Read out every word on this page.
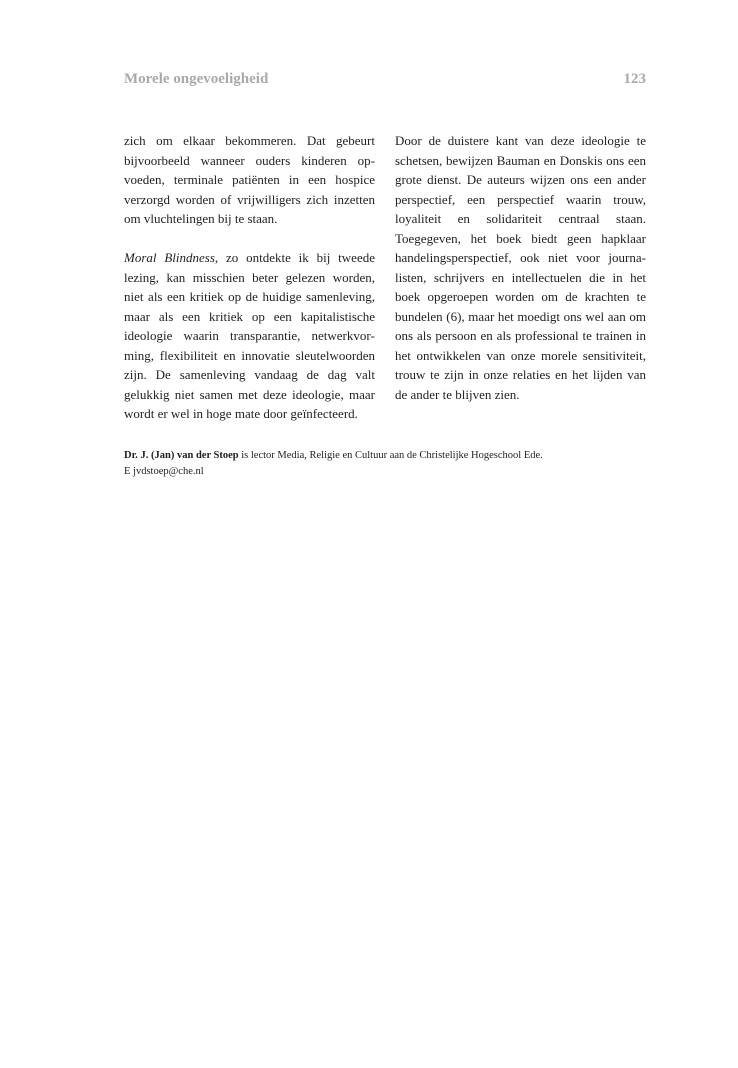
Morele ongevoeligheid	123

zich om elkaar bekommeren. Dat gebeurt bijvoorbeeld wanneer ouders kinderen opvoeden, terminale patiënten in een hospice verzorgd worden of vrijwilligers zich inzetten om vluchtelingen bij te staan.

Moral Blindness, zo ontdekte ik bij tweede lezing, kan misschien beter gelezen worden, niet als een kritiek op de huidige samenleving, maar als een kritiek op een kapitalistische ideologie waarin transparantie, netwerkvorming, flexibiliteit en innovatie sleutelwoorden zijn. De samenleving vandaag de dag valt gelukkig niet samen met deze ideologie, maar wordt er wel in hoge mate door geïnfecteerd.

Door de duistere kant van deze ideologie te schetsen, bewijzen Bauman en Donskis ons een grote dienst. De auteurs wijzen ons een ander perspectief, een perspectief waarin trouw, loyaliteit en solidariteit centraal staan. Toegegeven, het boek biedt geen hapklaar handelingsperspectief, ook niet voor journalisten, schrijvers en intellectuelen die in het boek opgeroepen worden om de krachten te bundelen (6), maar het moedigt ons wel aan om ons als persoon en als professional te trainen in het ontwikkelen van onze morele sensitiviteit, trouw te zijn in onze relaties en het lijden van de ander te blijven zien.

Dr. J. (Jan) van der Stoep is lector Media, Religie en Cultuur aan de Christelijke Hogeschool Ede.
E jvdstoep@che.nl
